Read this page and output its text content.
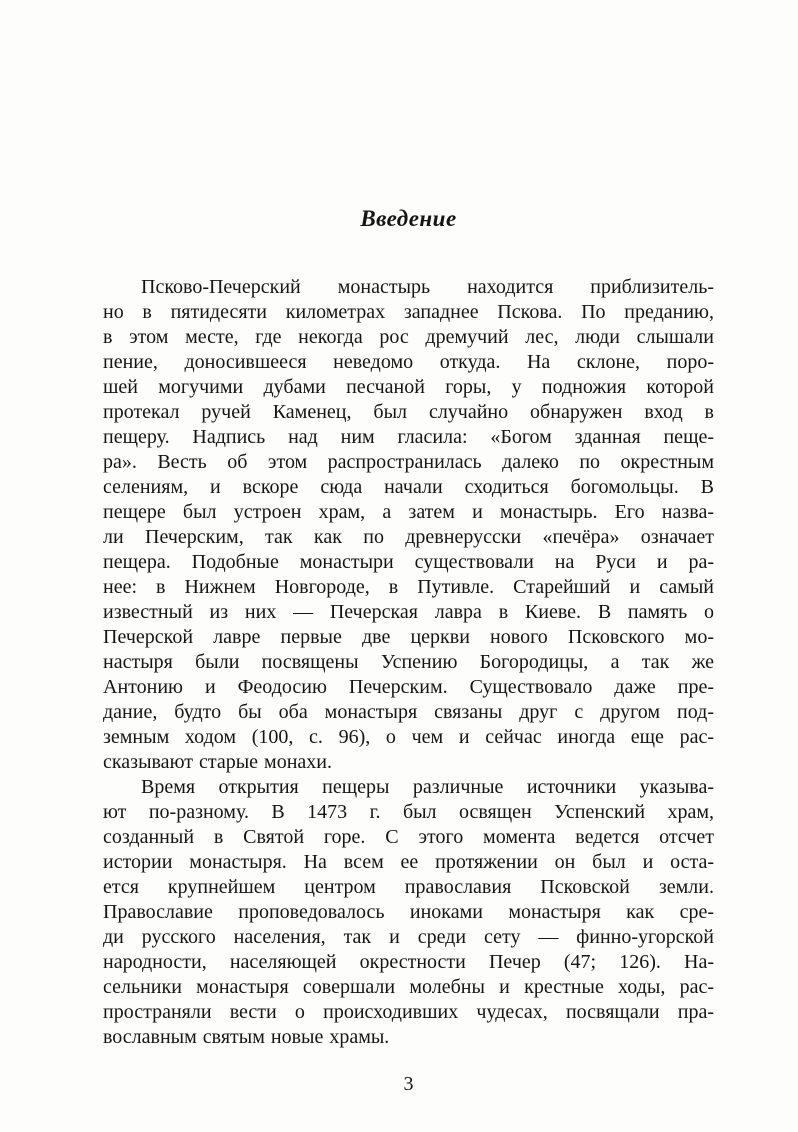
Введение
Псково-Печерский монастырь находится приблизитель-
но в пятидесяти километрах западнее Пскова. По преданию,
в этом месте, где некогда рос дремучий лес, люди слышали
пение, доносившееся неведомо откуда. На склоне, поро-
шей могучими дубами песчаной горы, у подножия которой
протекал ручей Каменец, был случайно обнаружен вход в
пещеру. Надпись над ним гласила: «Богом зданная пеще-
ра». Весть об этом распространилась далеко по окрестным
селениям, и вскоре сюда начали сходиться богомольцы. В
пещере был устроен храм, а затем и монастырь. Его назва-
ли Печерским, так как по древнерусски «печёра» означает
пещера. Подобные монастыри существовали на Руси и ра-
нее: в Нижнем Новгороде, в Путивле. Старейший и самый
известный из них — Печерская лавра в Киеве. В память о
Печерской лавре первые две церкви нового Псковского мо-
настыря были посвящены Успению Богородицы, а так же
Антонию и Феодосию Печерским. Существовало даже пре-
дание, будто бы оба монастыря связаны друг с другом под-
земным ходом (100, с. 96), о чем и сейчас иногда еще рас-
сказывают старые монахи.
Время открытия пещеры различные источники указыва-
ют по-разному. В 1473 г. был освящен Успенский храм,
созданный в Святой горе. С этого момента ведется отсчет
истории монастыря. На всем ее протяжении он был и оста-
ется крупнейшем центром православия Псковской земли.
Православие проповедовалось иноками монастыря как сре-
ди русского населения, так и среди сету — финно-угорской
народности, населяющей окрестности Печер (47; 126). На-
сельники монастыря совершали молебны и крестные ходы, рас-
пространяли вести о происходивших чудесах, посвящали пра-
вославным святым новые храмы.
3
